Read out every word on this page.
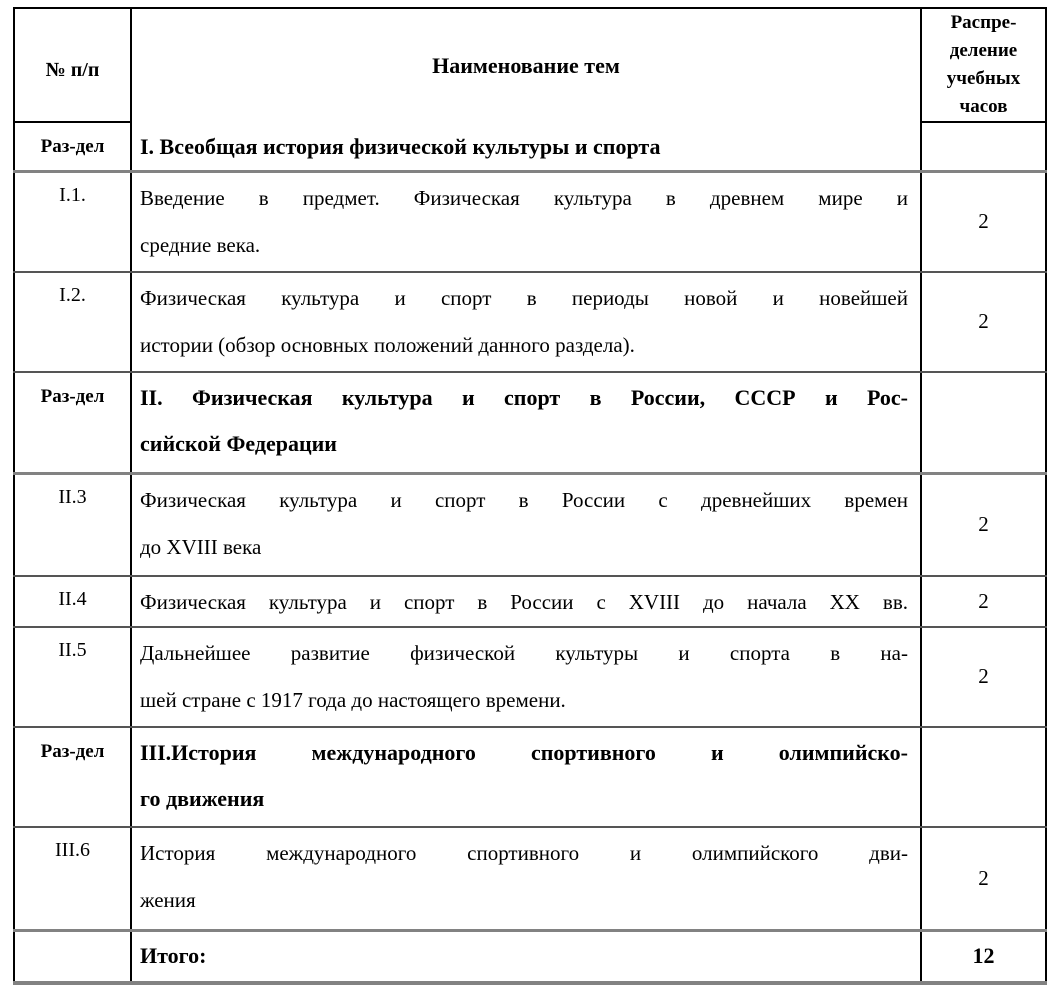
№ п/п	Наименование тем	Распре-
деление
учебных
часов

Раз-дел	I. Всеобщая история физической культуры и спорта	

I.1.	Введение в предмет. Физическая культура в древнем мире и
средние века.	2

I.2.	Физическая культура и спорт в периоды новой и новейшей
истории (обзор основных положений данного раздела).	2

Раз-дел	II. Физическая культура и спорт в России, СССР и Рос-
сийской Федерации	

II.3	Физическая культура и спорт в России с древнейших времен
до XVIII века	2

II.4	Физическая культура и спорт в России с XVIII до начала XX вв.	2

II.5	Дальнейшее развитие физической культуры и спорта в на-
шей стране с 1917 года до настоящего времени.	2

Раз-дел	III.История международного спортивного и олимпийско-
го движения	

III.6	История международного спортивного и олимпийского дви-
жения	2

	Итого:	12
